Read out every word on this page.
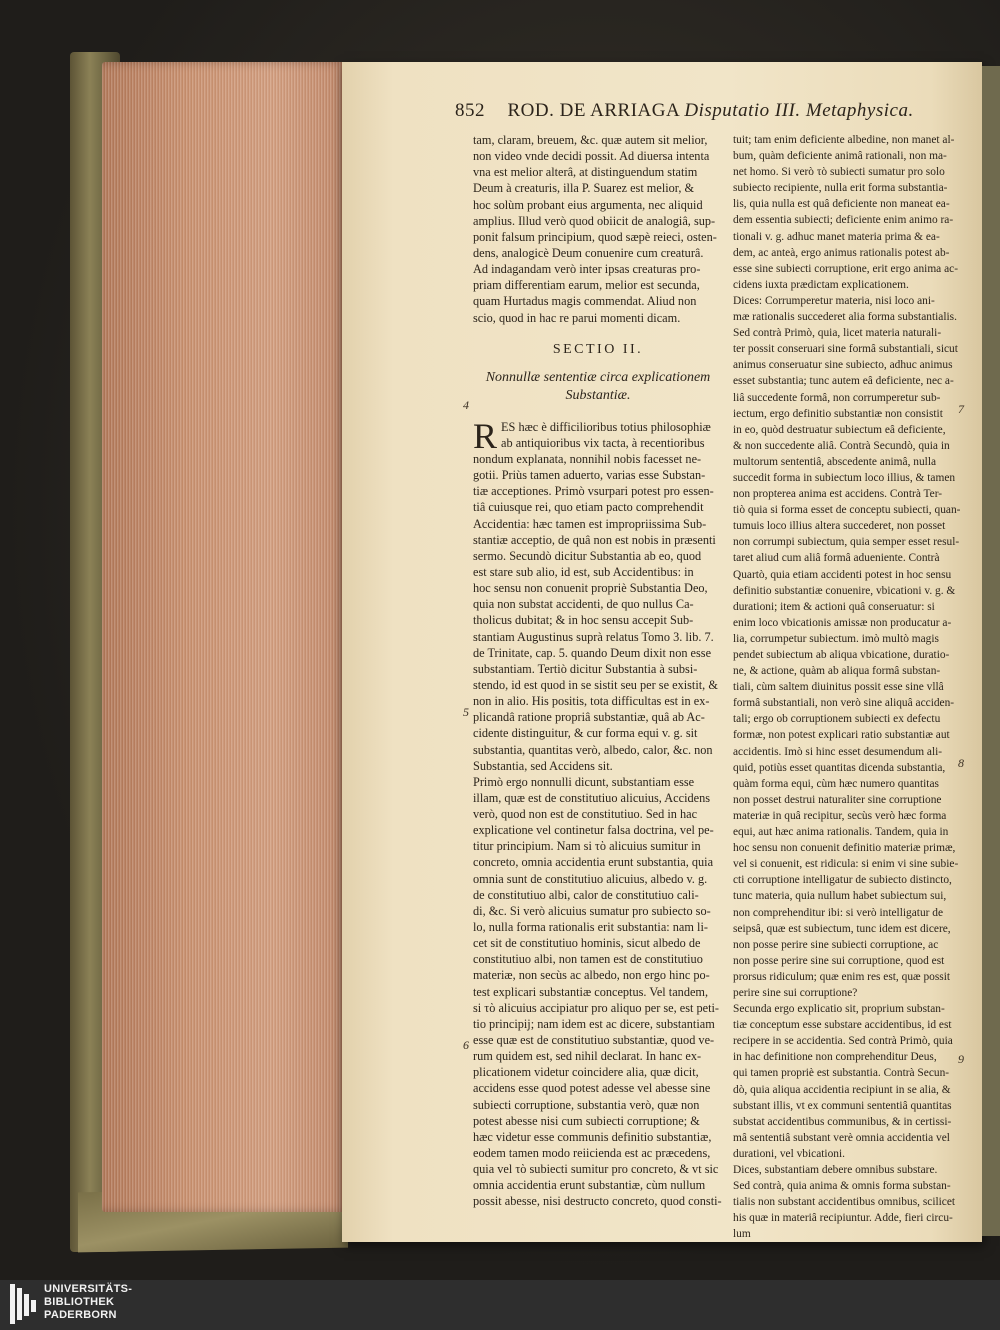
852 ROD. DE ARRIAGA Disputatio III. Metaphysica.
tam, claram, breuem, &c. quæ autem sit melior,
non video vnde decidi possit. Ad diuersa intenta
vna est melior alterâ, at distinguendum statim
Deum à creaturis, illa P. Suarez est melior, &
hoc solùm probant eius argumenta, nec aliquid
amplius. Illud verò quod obiicit de analogiâ, sup-
ponit falsum principium, quod sæpè reieci, osten-
dens, analogicè Deum conuenire cum creaturâ.
Ad indagandam verò inter ipsas creaturas pro-
priam differentiam earum, melior est secunda,
quam Hurtadus magis commendat. Aliud non
scio, quod in hac re parui momenti dicam.
SECTIO II.
Nonnullæ sententiæ circa explicationem
Substantiæ.
R ES hæc è difficilioribus totius philosophiæ
ab antiquioribus vix tacta, à recentioribus
nondum explanata, nonnihil nobis facesset ne-
gotii. Priùs tamen aduerto, varias esse Substan-
tiæ acceptiones. Primò vsurpari potest pro essen-
tiâ cuiusque rei, quo etiam pacto comprehendit
Accidentia: hæc tamen est impropriissima Sub-
stantiæ acceptio, de quâ non est nobis in præsenti
sermo. Secundò dicitur Substantia ab eo, quod
est stare sub alio, id est, sub Accidentibus: in
hoc sensu non conuenit propriè Substantia Deo,
quia non substat accidenti, de quo nullus Ca-
tholicus dubitat; & in hoc sensu accepit Sub-
stantiam Augustinus suprà relatus Tomo 3. lib. 7.
de Trinitate, cap. 5. quando Deum dixit non esse
substantiam. Tertiò dicitur Substantia à subsi-
stendo, id est quod in se sistit seu per se existit, &
non in alio. His positis, tota difficultas est in ex-
plicandâ ratione propriâ substantiæ, quâ ab Ac-
cidente distinguitur, & cur forma equi v. g. sit
substantia, quantitas verò, albedo, calor, &c. non
Substantia, sed Accidens sit.
Primò ergo nonnulli dicunt, substantiam esse
illam, quæ est de constitutiuo alicuius, Accidens
verò, quod non est de constitutiuo. Sed in hac
explicatione vel continetur falsa doctrina, vel pe-
titur principium. Nam si τὸ alicuius sumitur in
concreto, omnia accidentia erunt substantia, quia
omnia sunt de constitutiuo alicuius, albedo v. g.
de constitutiuo albi, calor de constitutiuo cali-
di, &c. Si verò alicuius sumatur pro subiecto so-
lo, nulla forma rationalis erit substantia: nam li-
cet sit de constitutiuo hominis, sicut albedo de
constitutiuo albi, non tamen est de constitutiuo
materiæ, non secùs ac albedo, non ergo hinc po-
test explicari substantiæ conceptus. Vel tandem,
si τὸ alicuius accipiatur pro aliquo per se, est peti-
tio principij; nam idem est ac dicere, substantiam
esse quæ est de constitutiuo substantiæ, quod ve-
rum quidem est, sed nihil declarat. In hanc ex-
plicationem videtur coincidere alia, quæ dicit,
accidens esse quod potest adesse vel abesse sine
subiecti corruptione, substantia verò, quæ non
potest abesse nisi cum subiecti corruptione; &
hæc videtur esse communis definitio substantiæ,
eodem tamen modo reiicienda est ac præcedens,
quia vel τὸ subiecti sumitur pro concreto, & vt sic
omnia accidentia erunt substantiæ, cùm nullum
possit abesse, nisi destructo concreto, quod consti-
tuit; tam enim deficiente albedine, non manet al-
bum, quàm deficiente animâ rationali, non ma-
net homo. Si verò τὸ subiecti sumatur pro solo
subiecto recipiente, nulla erit forma substantia-
lis, quia nulla est quâ deficiente non maneat ea-
dem essentia subiecti; deficiente enim animo ra-
tionali v. g. adhuc manet materia prima & ea-
dem, ac anteà, ergo animus rationalis potest ab-
esse sine subiecti corruptione, erit ergo anima ac-
cidens iuxta prædictam explicationem.
Dices: Corrumperetur materia, nisi loco ani-
mæ rationalis succederet alia forma substantialis.
Sed contrà Primò, quia, licet materia naturali-
ter possit conseruari sine formâ substantiali, sicut
animus conseruatur sine subiecto, adhuc animus
esset substantia; tunc autem eâ deficiente, nec a-
liâ succedente formâ, non corrumperetur sub-
iectum, ergo definitio substantiæ non consistit
in eo, quòd destruatur subiectum eâ deficiente,
& non succedente aliâ. Contrà Secundò, quia in
multorum sententiâ, abscedente animâ, nulla
succedit forma in subiectum loco illius, & tamen
non propterea anima est accidens. Contrà Ter-
tiò quia si forma esset de conceptu subiecti, quan-
tumuis loco illius altera succederet, non posset
non corrumpi subiectum, quia semper esset resul-
taret aliud cum aliâ formâ adueniente. Contrà
Quartò, quia etiam accidenti potest in hoc sensu
definitio substantiæ conuenire, vbicationi v. g. &
durationi; item & actioni quâ conseruatur: si
enim loco vbicationis amissæ non producatur a-
lia, corrumpetur subiectum. imò multò magis
pendet subiectum ab aliqua vbicatione, duratio-
ne, & actione, quàm ab aliqua formâ substan-
tiali, cùm saltem diuinitus possit esse sine vllâ
formâ substantiali, non verò sine aliquâ acciden-
tali; ergo ob corruptionem subiecti ex defectu
formæ, non potest explicari ratio substantiæ aut
accidentis. Imò si hinc esset desumendum ali-
quid, potiùs esset quantitas dicenda substantia,
quàm forma equi, cùm hæc numero quantitas
non posset destrui naturaliter sine corruptione
materiæ in quâ recipitur, secùs verò hæc forma
equi, aut hæc anima rationalis. Tandem, quia in
hoc sensu non conuenit definitio materiæ primæ,
vel si conuenit, est ridicula: si enim vi sine subie-
cti corruptione intelligatur de subiecto distincto,
tunc materia, quia nullum habet subiectum sui,
non comprehenditur ibi: si verò intelligatur de
seipsâ, quæ est subiectum, tunc idem est dicere,
non posse perire sine subiecti corruptione, ac
non posse perire sine sui corruptione, quod est
prorsus ridiculum; quæ enim res est, quæ possit
perire sine sui corruptione?
Secunda ergo explicatio sit, proprium substan-
tiæ conceptum esse substare accidentibus, id est
recipere in se accidentia. Sed contrà Primò, quia
in hac definitione non comprehenditur Deus,
qui tamen propriè est substantia. Contrà Secun-
dò, quia aliqua accidentia recipiunt in se alia, &
substant illis, vt ex communi sententiâ quantitas
substat accidentibus communibus, & in certissi-
mâ sententiâ substant verè omnia accidentia vel
durationi, vel vbicationi.
Dices, substantiam debere omnibus substare.
Sed contrà, quia anima & omnis forma substan-
tialis non substant accidentibus omnibus, scilicet
his quæ in materiâ recipiuntur. Adde, fieri circu-
lum
4
5
6
7
8
9
UNIVERSITÄTS-
BIBLIOTHEK
PADERBORN
